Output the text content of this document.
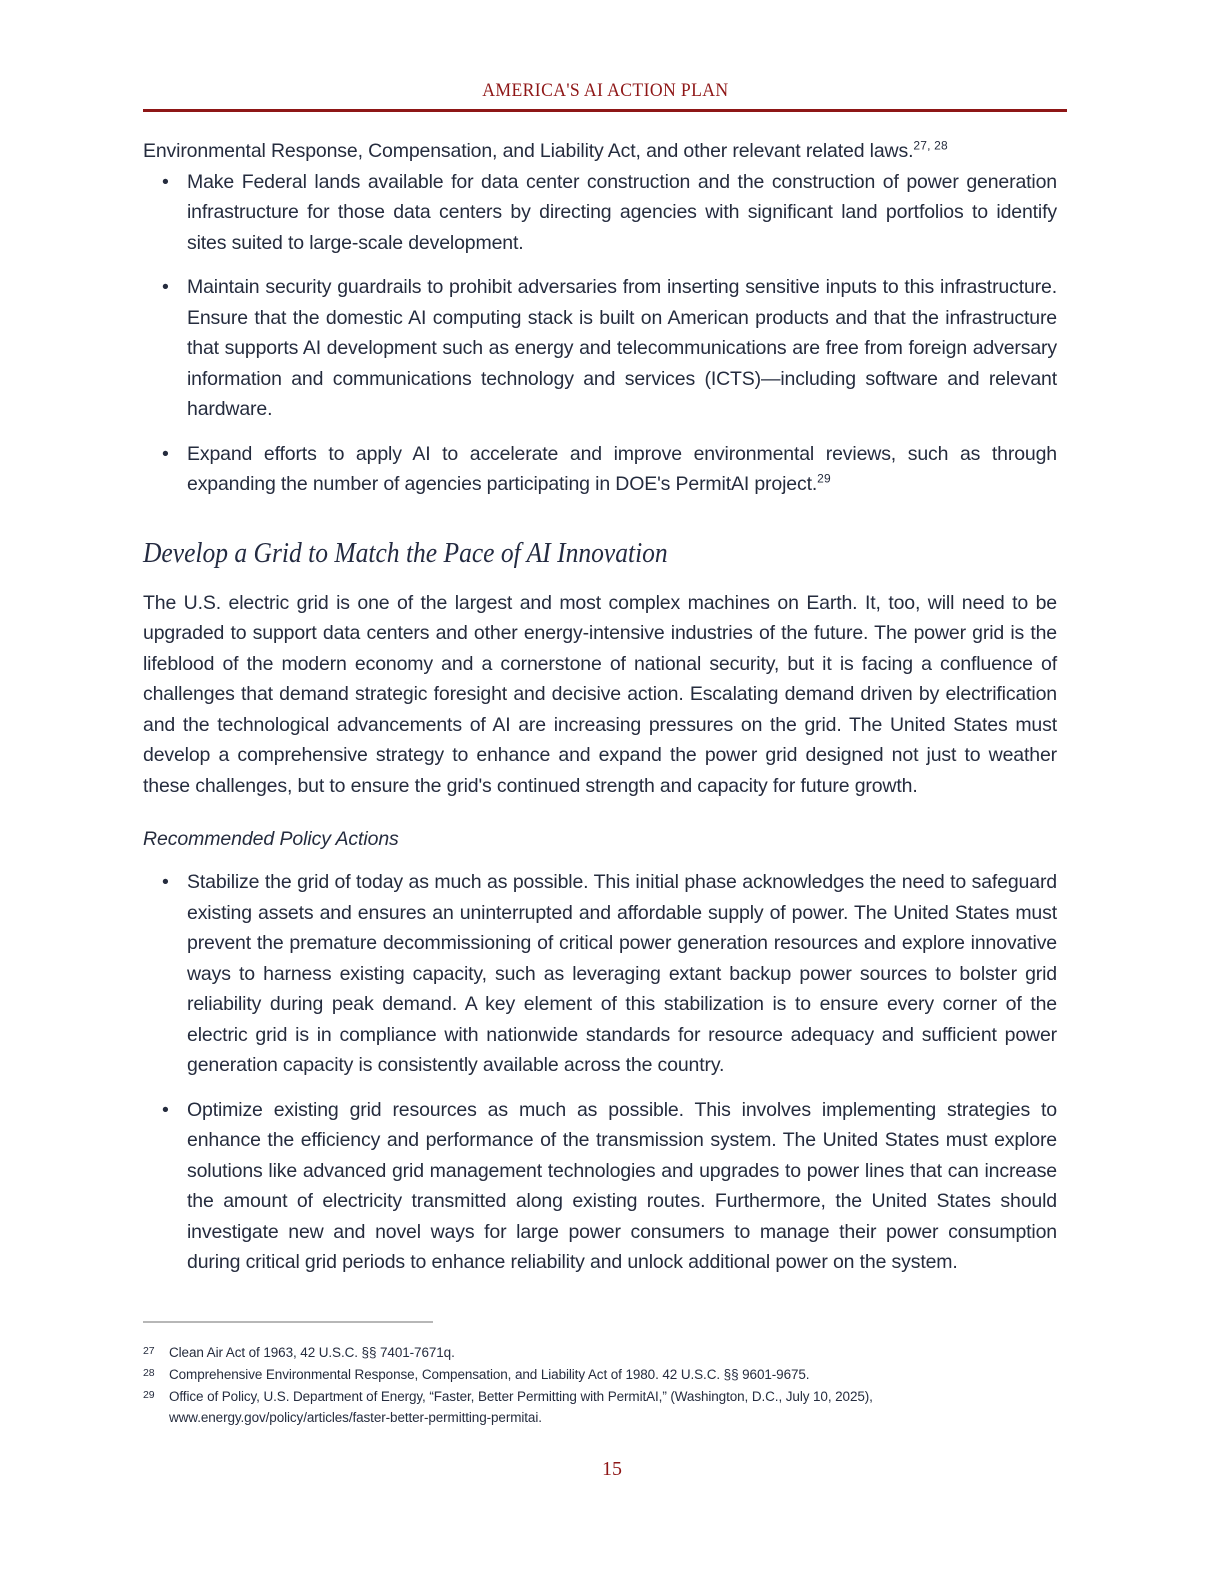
AMERICA'S AI ACTION PLAN

Environmental Response, Compensation, and Liability Act, and other relevant related laws.$^{27, 28}$

• Make Federal lands available for data center construction and the construction of power generation infrastructure for those data centers by directing agencies with significant land portfolios to identify sites suited to large-scale development.
• Maintain security guardrails to prohibit adversaries from inserting sensitive inputs to this infrastructure. Ensure that the domestic AI computing stack is built on American products and that the infrastructure that supports AI development such as energy and telecommunications are free from foreign adversary information and communications technology and services (ICTS)—including software and relevant hardware.
• Expand efforts to apply AI to accelerate and improve environmental reviews, such as through expanding the number of agencies participating in DOE's PermitAI project.$^{29}$
Develop a Grid to Match the Pace of AI Innovation

The U.S. electric grid is one of the largest and most complex machines on Earth. It, too, will need to be upgraded to support data centers and other energy-intensive industries of the future. The power grid is the lifeblood of the modern economy and a cornerstone of national security, but it is facing a confluence of challenges that demand strategic foresight and decisive action. Escalating demand driven by electrification and the technological advancements of AI are increasing pressures on the grid. The United States must develop a comprehensive strategy to enhance and expand the power grid designed not just to weather these challenges, but to ensure the grid's continued strength and capacity for future growth.

Recommended Policy Actions
• Stabilize the grid of today as much as possible. This initial phase acknowledges the need to safeguard existing assets and ensures an uninterrupted and affordable supply of power. The United States must prevent the premature decommissioning of critical power generation resources and explore innovative ways to harness existing capacity, such as leveraging extant backup power sources to bolster grid reliability during peak demand. A key element of this stabilization is to ensure every corner of the electric grid is in compliance with nationwide standards for resource adequacy and sufficient power generation capacity is consistently available across the country.
• Optimize existing grid resources as much as possible. This involves implementing strategies to enhance the efficiency and performance of the transmission system. The United States must explore solutions like advanced grid management technologies and upgrades to power lines that can increase the amount of electricity transmitted along existing routes. Furthermore, the United States should investigate new and novel ways for large power consumers to manage their power consumption during critical grid periods to enhance reliability and unlock additional power on the system.
27 Clean Air Act of 1963, 42 U.S.C. §§ 7401-7671q.
28 Comprehensive Environmental Response, Compensation, and Liability Act of 1980. 42 U.S.C. §§ 9601-9675.
29 Office of Policy, U.S. Department of Energy, “Faster, Better Permitting with PermitAI,” (Washington, D.C., July 10, 2025), www.energy.gov/policy/articles/faster-better-permitting-permitai.
15
